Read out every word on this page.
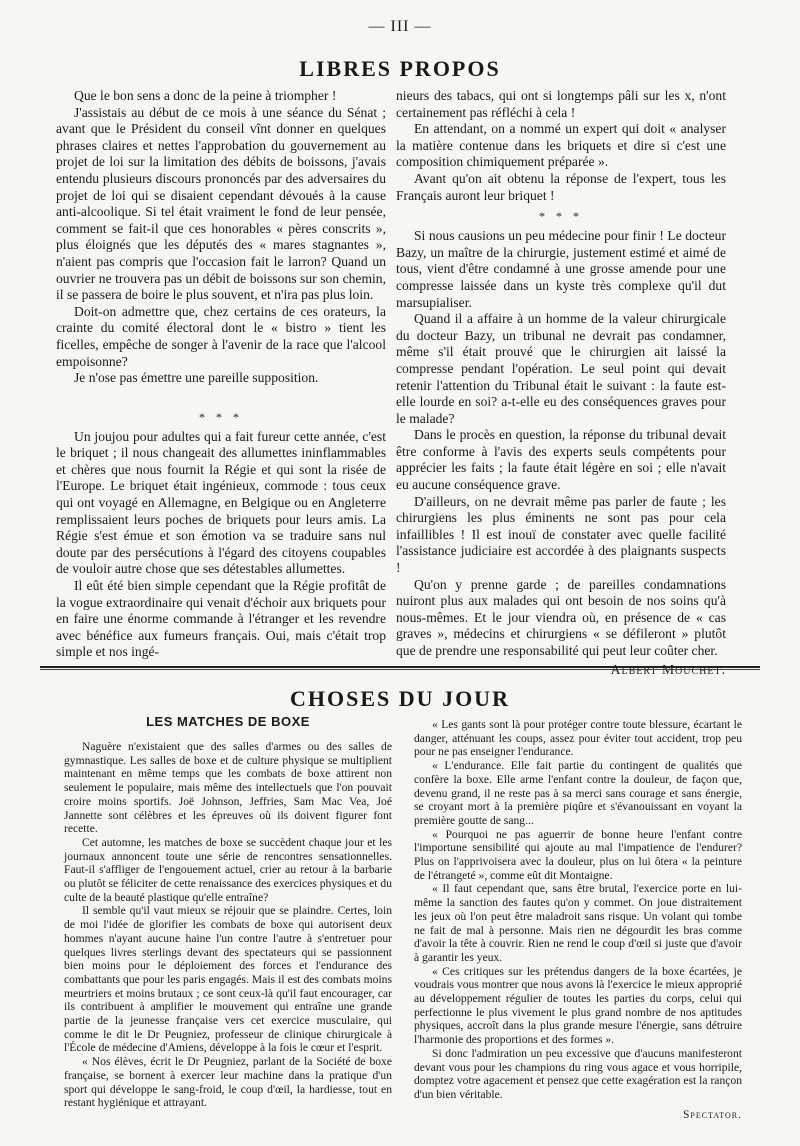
— III —
LIBRES PROPOS

Que le bon sens a donc de la peine à triompher !

J'assistais au début de ce mois à une séance du Sénat ; avant que le Président du conseil vînt donner en quelques phrases claires et nettes l'approbation du gouvernement au projet de loi sur la limitation des débits de boissons, j'avais entendu plusieurs discours prononcés par des adversaires du projet de loi qui se disaient cependant dévoués à la cause anti-alcoolique. Si tel était vraiment le fond de leur pensée, comment se fait-il que ces honorables « pères conscrits », plus éloignés que les députés des « mares stagnantes », n'aient pas compris que l'occasion fait le larron? Quand un ouvrier ne trouvera pas un débit de boissons sur son chemin, il se passera de boire le plus souvent, et n'ira pas plus loin.

Doit-on admettre que, chez certains de ces orateurs, la crainte du comité électoral dont le « bistro » tient les ficelles, empêche de songer à l'avenir de la race que l'alcool empoisonne?

Je n'ose pas émettre une pareille supposition.

* * *

Un joujou pour adultes qui a fait fureur cette année, c'est le briquet ; il nous changeait des allumettes ininflammables et chères que nous fournit la Régie et qui sont la risée de l'Europe. Le briquet était ingénieux, commode : tous ceux qui ont voyagé en Allemagne, en Belgique ou en Angleterre remplissaient leurs poches de briquets pour leurs amis. La Régie s'est émue et son émotion va se traduire sans nul doute par des persécutions à l'égard des citoyens coupables de vouloir autre chose que ses détestables allumettes.

Il eût été bien simple cependant que la Régie profitât de la vogue extraordinaire qui venait d'échoir aux briquets pour en faire une énorme commande à l'étranger et les revendre avec bénéfice aux fumeurs français. Oui, mais c'était trop simple et nos ingé-

nieurs des tabacs, qui ont si longtemps pâli sur les x, n'ont certainement pas réfléchi à cela !

En attendant, on a nommé un expert qui doit « analyser la matière contenue dans les briquets et dire si c'est une composition chimiquement préparée ».

Avant qu'on ait obtenu la réponse de l'expert, tous les Français auront leur briquet !

* * *

Si nous causions un peu médecine pour finir ! Le docteur Bazy, un maître de la chirurgie, justement estimé et aimé de tous, vient d'être condamné à une grosse amende pour une compresse laissée dans un kyste très complexe qu'il dut marsupialiser.

Quand il a affaire à un homme de la valeur chirurgicale du docteur Bazy, un tribunal ne devrait pas condamner, même s'il était prouvé que le chirurgien ait laissé la compresse pendant l'opération. Le seul point qui devait retenir l'attention du Tribunal était le suivant : la faute est-elle lourde en soi? a-t-elle eu des conséquences graves pour le malade?

Dans le procès en question, la réponse du tribunal devait être conforme à l'avis des experts seuls compétents pour apprécier les faits ; la faute était légère en soi ; elle n'avait eu aucune conséquence grave.

D'ailleurs, on ne devrait même pas parler de faute ; les chirurgiens les plus éminents ne sont pas pour cela infaillibles ! Il est inouï de constater avec quelle facilité l'assistance judiciaire est accordée à des plaignants suspects !

Qu'on y prenne garde ; de pareilles condamnations nuiront plus aux malades qui ont besoin de nos soins qu'à nous-mêmes. Et le jour viendra où, en présence de « cas graves », médecins et chirurgiens « se défileront » plutôt que de prendre une responsabilité qui peut leur coûter cher.

Albert Mouchet.
CHOSES DU JOUR
LES MATCHES DE BOXE

Naguère n'existaient que des salles d'armes ou des salles de gymnastique. Les salles de boxe et de culture physique se multiplient maintenant en même temps que les combats de boxe attirent non seulement le populaire, mais même des intellectuels que l'on pouvait croire moins sportifs. Joë Johnson, Jeffries, Sam Mac Vea, Joé Jannette sont célèbres et les épreuves où ils doivent figurer font recette.

Cet automne, les matches de boxe se succèdent chaque jour et les journaux annoncent toute une série de rencontres sensationnelles. Faut-il s'affliger de l'engouement actuel, crier au retour à la barbarie ou plutôt se féliciter de cette renaissance des exercices physiques et du culte de la beauté plastique qu'elle entraîne?

Il semble qu'il vaut mieux se réjouir que se plaindre. Certes, loin de moi l'idée de glorifier les combats de boxe qui autorisent deux hommes n'ayant aucune haine l'un contre l'autre à s'entretuer pour quelques livres sterlings devant des spectateurs qui se passionnent bien moins pour le déploiement des forces et l'endurance des combattants que pour les paris engagés. Mais il est des combats moins meurtriers et moins brutaux ; ce sont ceux-là qu'il faut encourager, car ils contribuent à amplifier le mouvement qui entraîne une grande partie de la jeunesse française vers cet exercice musculaire, qui comme le dit le Dr Peugniez, professeur de clinique chirurgicale à l'École de médecine d'Amiens, développe à la fois le cœur et l'esprit.

« Nos élèves, écrit le Dr Peugniez, parlant de la Société de boxe française, se bornent à exercer leur machine dans la pratique d'un sport qui développe le sang-froid, le coup d'œil, la hardiesse, tout en restant hygiénique et attrayant.

« Les gants sont là pour protéger contre toute blessure, écartant le danger, atténuant les coups, assez pour éviter tout accident, trop peu pour ne pas enseigner l'endurance.

« L'endurance. Elle fait partie du contingent de qualités que confère la boxe. Elle arme l'enfant contre la douleur, de façon que, devenu grand, il ne reste pas à sa merci sans courage et sans énergie, se croyant mort à la première piqûre et s'évanouissant en voyant la première goutte de sang...

« Pourquoi ne pas aguerrir de bonne heure l'enfant contre l'importune sensibilité qui ajoute au mal l'impatience de l'endurer? Plus on l'apprivoisera avec la douleur, plus on lui ôtera « la peinture de l'étrangeté », comme eût dit Montaigne.

« Il faut cependant que, sans être brutal, l'exercice porte en lui-même la sanction des fautes qu'on y commet. On joue distraitement les jeux où l'on peut être maladroit sans risque. Un volant qui tombe ne fait de mal à personne. Mais rien ne dégourdit les bras comme d'avoir la tête à couvrir. Rien ne rend le coup d'œil si juste que d'avoir à garantir les yeux.

« Ces critiques sur les prétendus dangers de la boxe écartées, je voudrais vous montrer que nous avons là l'exercice le mieux approprié au développement régulier de toutes les parties du corps, celui qui perfectionne le plus vivement le plus grand nombre de nos aptitudes physiques, accroît dans la plus grande mesure l'énergie, sans détruire l'harmonie des proportions et des formes ».

Si donc l'admiration un peu excessive que d'aucuns manifesteront devant vous pour les champions du ring vous agace et vous horripile, domptez votre agacement et pensez que cette exagération est la rançon d'un bien véritable.

Spectator.
